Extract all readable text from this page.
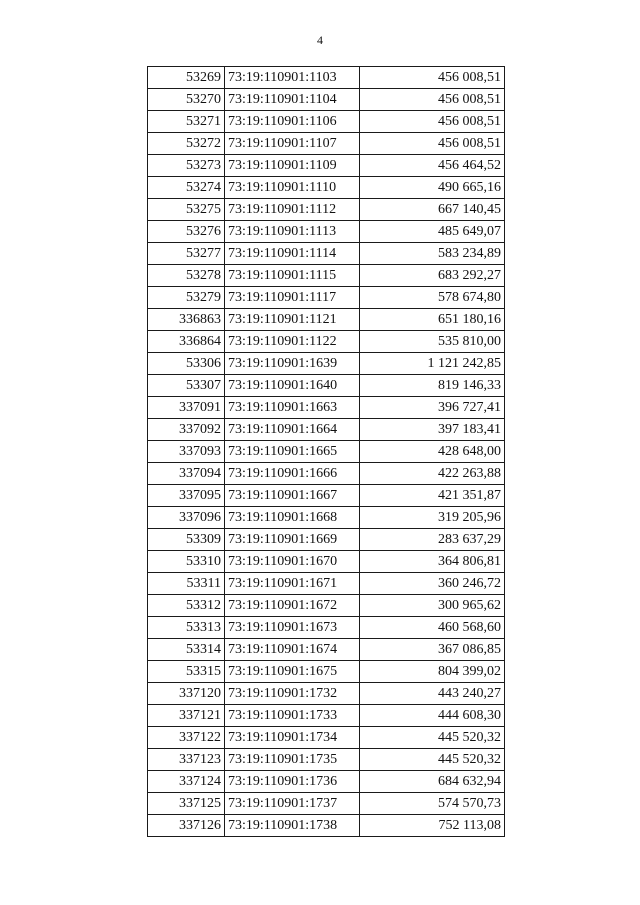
4
53269	73:19:110901:1103	456 008,51
53270	73:19:110901:1104	456 008,51
53271	73:19:110901:1106	456 008,51
53272	73:19:110901:1107	456 008,51
53273	73:19:110901:1109	456 464,52
53274	73:19:110901:1110	490 665,16
53275	73:19:110901:1112	667 140,45
53276	73:19:110901:1113	485 649,07
53277	73:19:110901:1114	583 234,89
53278	73:19:110901:1115	683 292,27
53279	73:19:110901:1117	578 674,80
336863	73:19:110901:1121	651 180,16
336864	73:19:110901:1122	535 810,00
53306	73:19:110901:1639	1 121 242,85
53307	73:19:110901:1640	819 146,33
337091	73:19:110901:1663	396 727,41
337092	73:19:110901:1664	397 183,41
337093	73:19:110901:1665	428 648,00
337094	73:19:110901:1666	422 263,88
337095	73:19:110901:1667	421 351,87
337096	73:19:110901:1668	319 205,96
53309	73:19:110901:1669	283 637,29
53310	73:19:110901:1670	364 806,81
53311	73:19:110901:1671	360 246,72
53312	73:19:110901:1672	300 965,62
53313	73:19:110901:1673	460 568,60
53314	73:19:110901:1674	367 086,85
53315	73:19:110901:1675	804 399,02
337120	73:19:110901:1732	443 240,27
337121	73:19:110901:1733	444 608,30
337122	73:19:110901:1734	445 520,32
337123	73:19:110901:1735	445 520,32
337124	73:19:110901:1736	684 632,94
337125	73:19:110901:1737	574 570,73
337126	73:19:110901:1738	752 113,08
